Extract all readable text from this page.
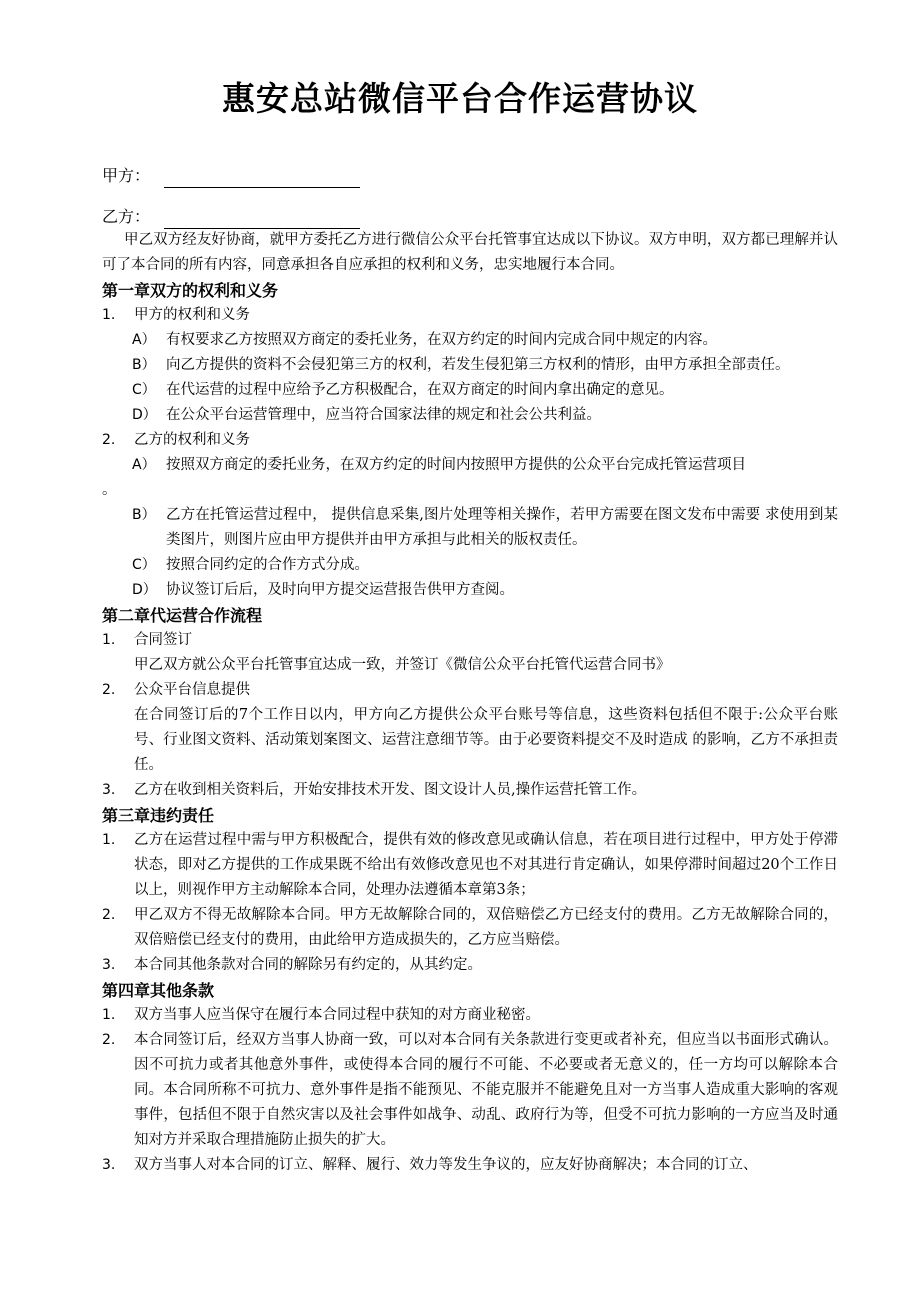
惠安总站微信平台合作运营协议
甲方：
乙方：
甲乙双方经友好协商，就甲方委托乙方进行微信公众平台托管事宜达成以下协议。双方申明，双方都已理解并认可了本合同的所有内容，同意承担各自应承担的权利和义务，忠实地履行本合同。
第一章双方的权利和义务
1. 甲方的权利和义务
A） 有权要求乙方按照双方商定的委托业务，在双方约定的时间内完成合同中规定的内容。
B） 向乙方提供的资料不会侵犯第三方的权利，若发生侵犯第三方权利的情形，由甲方承担全部责任。
C） 在代运营的过程中应给予乙方积极配合，在双方商定的时间内拿出确定的意见。
D） 在公众平台运营管理中，应当符合国家法律的规定和社会公共利益。
2. 乙方的权利和义务
A） 按照双方商定的委托业务，在双方约定的时间内按照甲方提供的公众平台完成托管运营项目
。
B） 乙方在托管运营过程中， 提供信息采集,图片处理等相关操作，若甲方需要在图文发布中需要 求使用到某类图片，则图片应由甲方提供并由甲方承担与此相关的版权责任。
C） 按照合同约定的合作方式分成。
D） 协议签订后后，及时向甲方提交运营报告供甲方查阅。
第二章代运营合作流程
1. 合同签订
甲乙双方就公众平台托管事宜达成一致，并签订《微信公众平台托管代运营合同书》
2. 公众平台信息提供
在合同签订后的7个工作日以内，甲方向乙方提供公众平台账号等信息，这些资料包括但不限于:公众平台账号、行业图文资料、活动策划案图文、运营注意细节等。由于必要资料提交不及时造成 的影响，乙方不承担责任。
3. 乙方在收到相关资料后，开始安排技术开发、图文设计人员,操作运营托管工作。
第三章违约责任
1. 乙方在运营过程中需与甲方积极配合，提供有效的修改意见或确认信息，若在项目进行过程中，甲方处于停滞状态，即对乙方提供的工作成果既不给出有效修改意见也不对其进行肯定确认，如果停滞时间超过20个工作日以上，则视作甲方主动解除本合同，处理办法遵循本章第3条；
2. 甲乙双方不得无故解除本合同。甲方无故解除合同的，双倍赔偿乙方已经支付的费用。乙方无故解除合同的，双倍赔偿已经支付的费用，由此给甲方造成损失的，乙方应当赔偿。
3. 本合同其他条款对合同的解除另有约定的，从其约定。
第四章其他条款
1. 双方当事人应当保守在履行本合同过程中获知的对方商业秘密。
2. 本合同签订后，经双方当事人协商一致，可以对本合同有关条款进行变更或者补充，但应当以书面形式确认。因不可抗力或者其他意外事件，或使得本合同的履行不可能、不必要或者无意义的，任一方均可以解除本合同。本合同所称不可抗力、意外事件是指不能预见、不能克服并不能避免且对一方当事人造成重大影响的客观事件，包括但不限于自然灾害以及社会事件如战争、动乱、政府行为等，但受不可抗力影响的一方应当及时通知对方并采取合理措施防止损失的扩大。
3. 双方当事人对本合同的订立、解释、履行、效力等发生争议的，应友好协商解决；本合同的订立、
